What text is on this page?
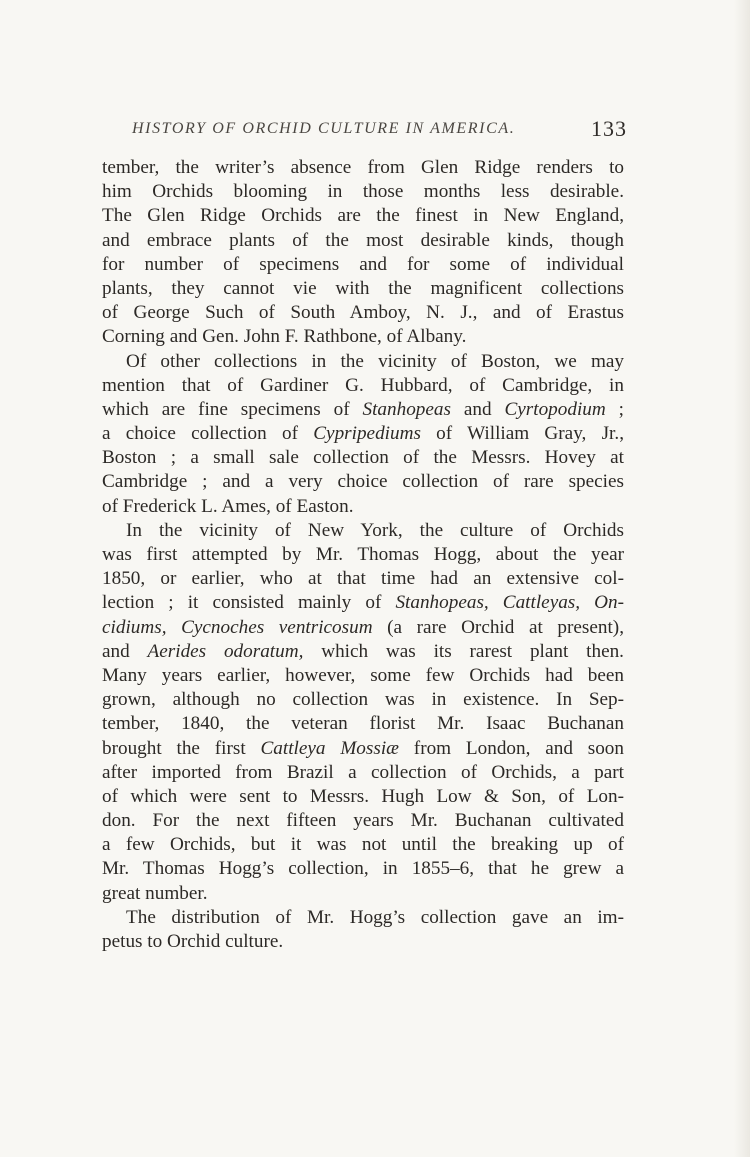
HISTORY OF ORCHID CULTURE IN AMERICA.	133
tember, the writer’s absence from Glen Ridge renders to
him Orchids blooming in those months less desirable.
The Glen Ridge Orchids are the finest in New England,
and embrace plants of the most desirable kinds, though
for number of specimens and for some of individual
plants, they cannot vie with the magnificent collections
of George Such of South Amboy, N. J., and of Erastus
Corning and Gen. John F. Rathbone, of Albany.
Of other collections in the vicinity of Boston, we may
mention that of Gardiner G. Hubbard, of Cambridge, in
which are fine specimens of Stanhopeas and Cyrtopodium ;
a choice collection of Cypripediums of William Gray, Jr.,
Boston ; a small sale collection of the Messrs. Hovey at
Cambridge ; and a very choice collection of rare species
of Frederick L. Ames, of Easton.
In the vicinity of New York, the culture of Orchids
was first attempted by Mr. Thomas Hogg, about the year
1850, or earlier, who at that time had an extensive col-
lection ; it consisted mainly of Stanhopeas, Cattleyas, On-
cidiums, Cycnoches ventricosum (a rare Orchid at present),
and Aerides odoratum, which was its rarest plant then.
Many years earlier, however, some few Orchids had been
grown, although no collection was in existence. In Sep-
tember, 1840, the veteran florist Mr. Isaac Buchanan
brought the first Cattleya Mossiæ from London, and soon
after imported from Brazil a collection of Orchids, a part
of which were sent to Messrs. Hugh Low & Son, of Lon-
don. For the next fifteen years Mr. Buchanan cultivated
a few Orchids, but it was not until the breaking up of
Mr. Thomas Hogg’s collection, in 1855–6, that he grew a
great number.
The distribution of Mr. Hogg’s collection gave an im-
petus to Orchid culture.
